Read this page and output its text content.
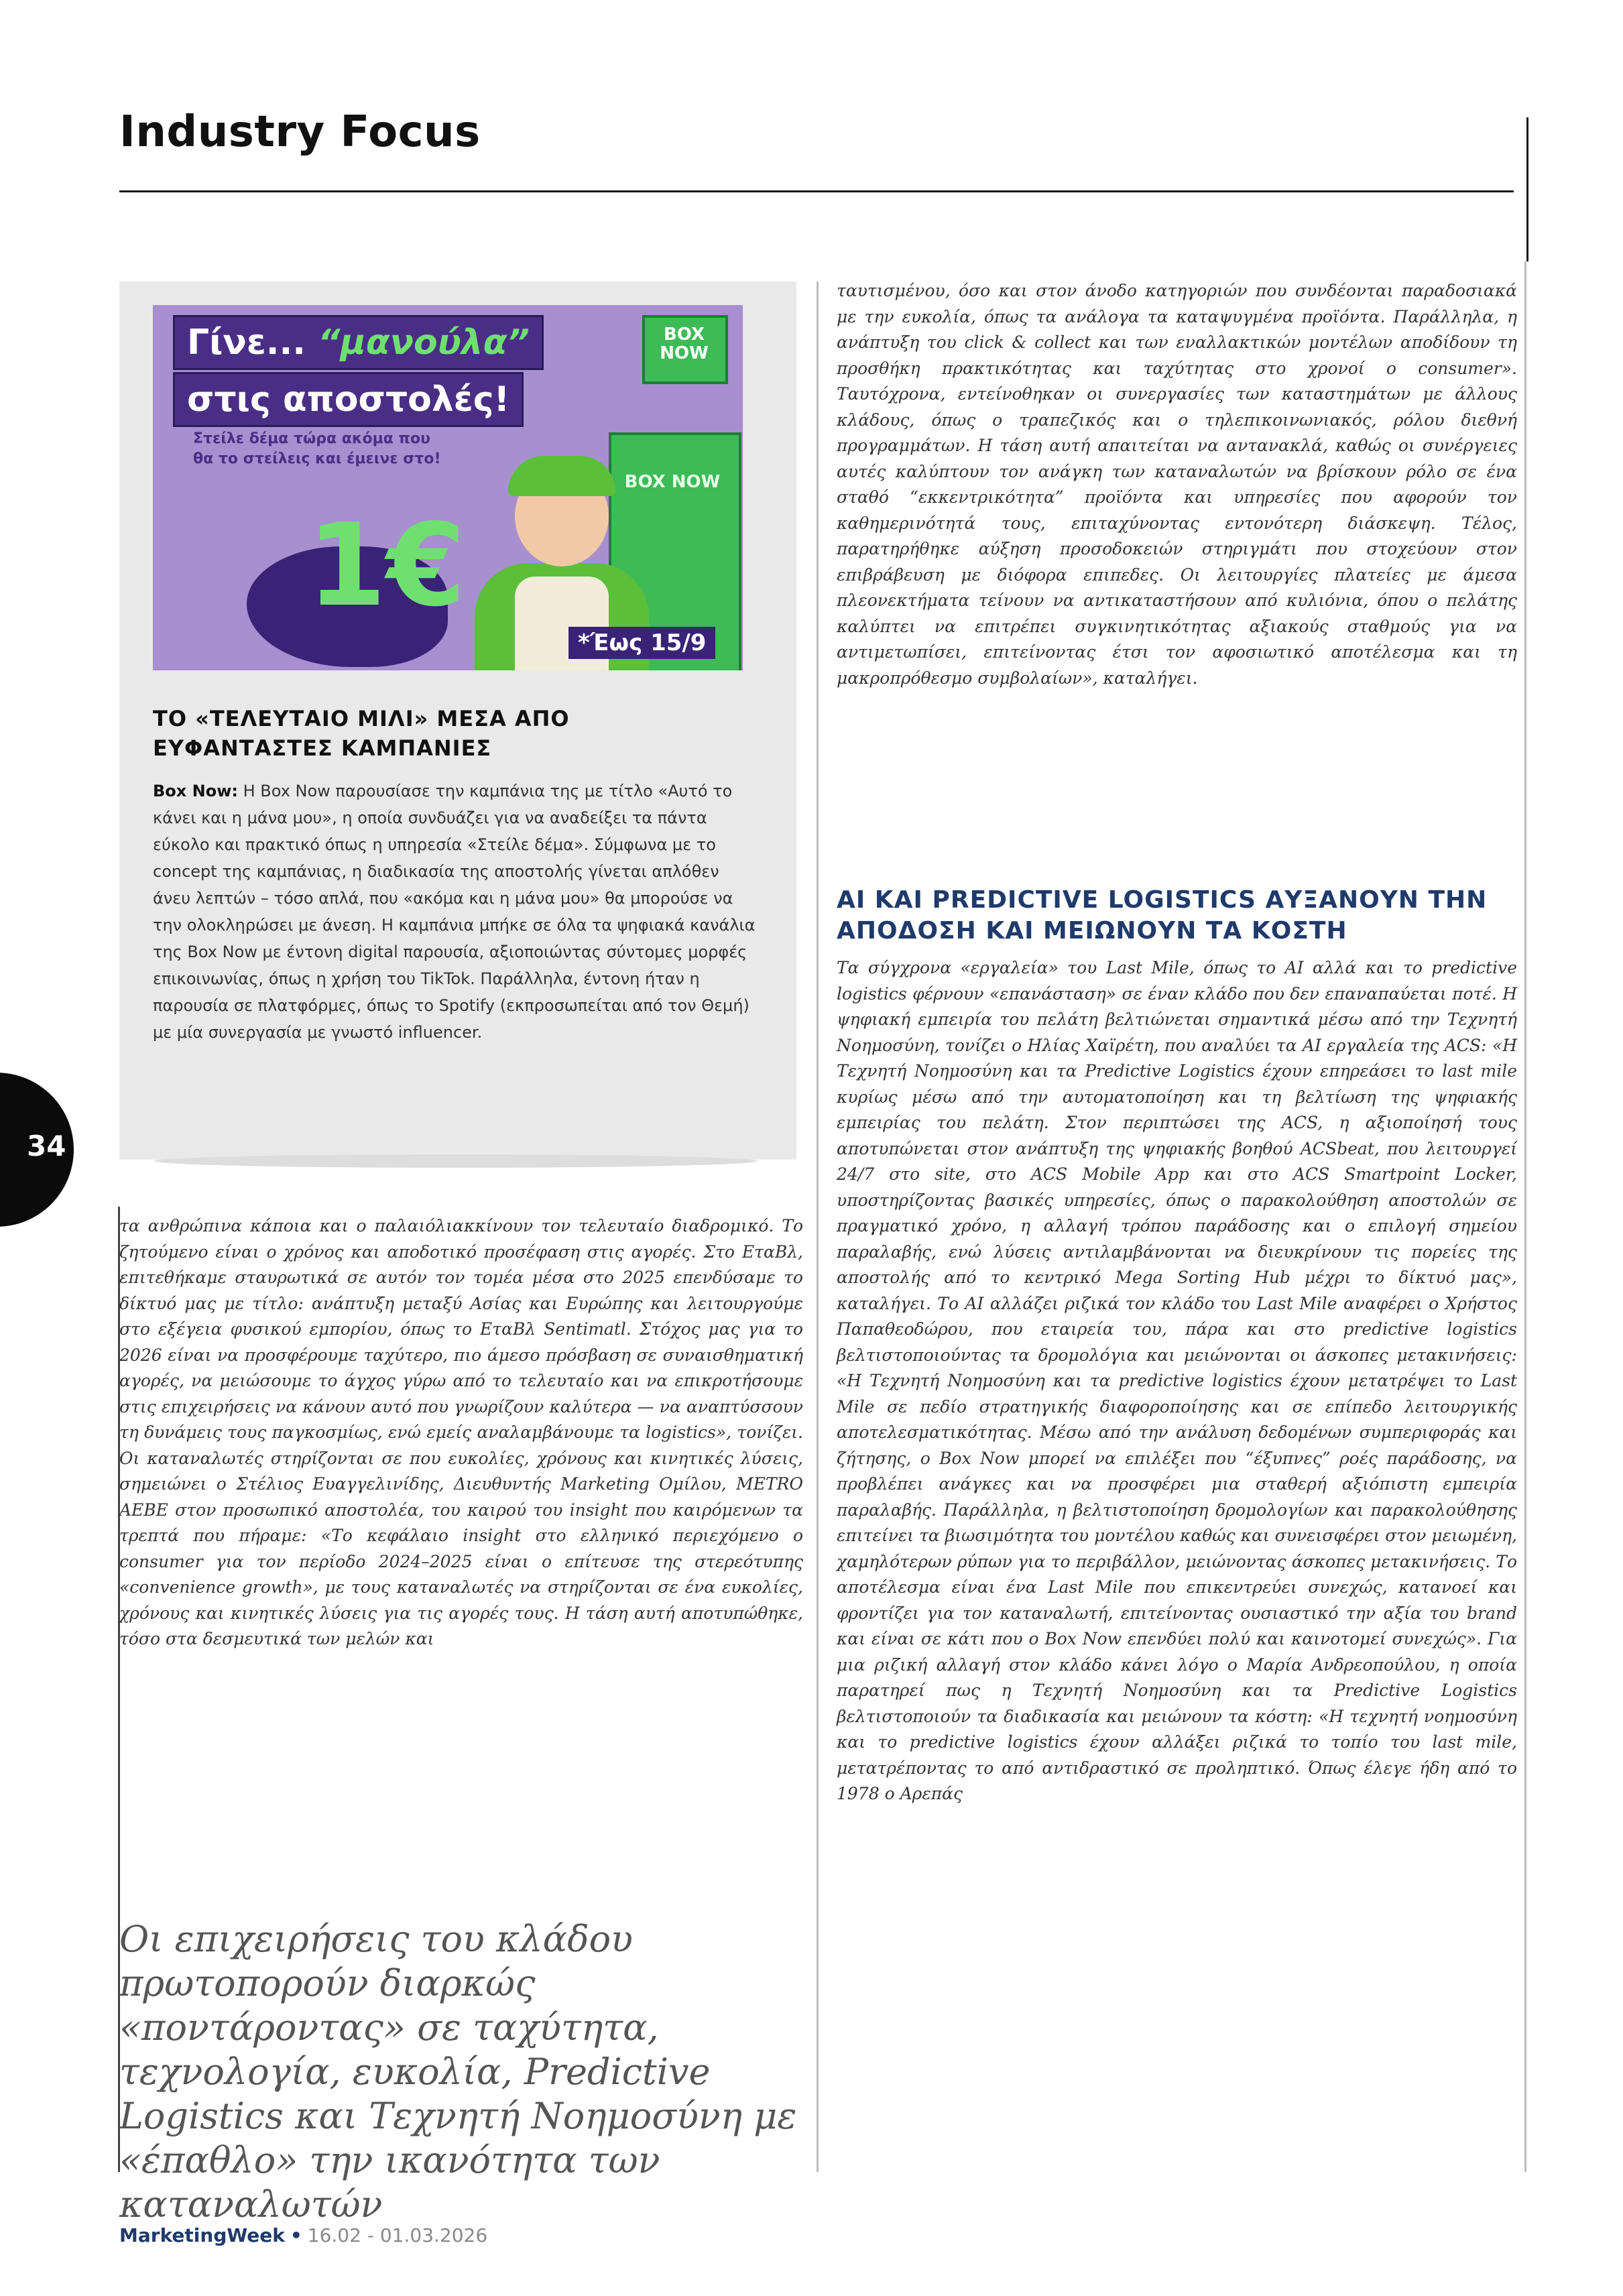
Industry Focus
34
Γίνε... “μανούλα”
στις αποστολές!
Στείλε δέμα τώρα ακόμα που θα το στείλεις και έμεινε στο!
1€
BOX NOW
BOX NOW
*Έως 15/9
ΤΟ «ΤΕΛΕΥΤΑΙΟ ΜΙΛΙ» ΜΕΣΑ ΑΠΟ ΕΥΦΑΝΤΑΣΤΕΣ ΚΑΜΠΑΝΙΕΣ
Box Now: Η Box Now παρουσίασε την καμπάνια της με τίτλο «Αυτό το κάνει και η μάνα μου», η οποία συνδυάζει για να αναδείξει τα πάντα εύκολο και πρακτικό όπως η υπηρεσία «Στείλε δέμα». Σύμφωνα με το concept της καμπάνιας, η διαδικασία της αποστολής γίνεται απλόθεν άνευ λεπτών – τόσο απλά, που «ακόμα και η μάνα μου» θα μπορούσε να την ολοκληρώσει με άνεση. Η καμπάνια μπήκε σε όλα τα ψηφιακά κανάλια της Box Now με έντονη digital παρουσία, αξιοποιώντας σύντομες μορφές επικοινωνίας, όπως η χρήση του TikTok. Παράλληλα, έντονη ήταν η παρουσία σε πλατφόρμες, όπως το Spotify (εκπροσωπείται από τον Θεμή) με μία συνεργασία με γνωστό influencer.
τα ανθρώπινα κάποια και ο παλαιόλιακκίνουν τον τελευταίο διαδρομικό. Το ζητούμενο είναι ο χρόνος και αποδοτικό προσέφαση στις αγορές. Στο ΕταΒλ, επιτεθήκαμε σταυρωτικά σε αυτόν τον τομέα μέσα στο 2025 επενδύσαμε το δίκτυό μας με τίτλο: ανάπτυξη μεταξύ Ασίας και Ευρώπης και λειτουργούμε στο εξέγεια φυσικού εμπορίου, όπως το ΕταΒλ Sentimatl. Στόχος μας για το 2026 είναι να προσφέρουμε ταχύτερο, πιο άμεσο πρόσβαση σε συναισθηματική αγορές, να μειώσουμε το άγχος γύρω από το τελευταίο και να επικροτήσουμε στις επιχειρήσεις να κάνουν αυτό που γνωρίζουν καλύτερα — να αναπτύσσουν τη δυνάμεις τους παγκοσμίως, ενώ εμείς αναλαμβάνουμε τα logistics», τονίζει. Οι καταναλωτές στηρίζονται σε που ευκολίες, χρόνους και κινητικές λύσεις, σημειώνει ο Στέλιος Ευαγγελινίδης, Διευθυντής Marketing Ομίλου, METRO AEBE στον προσωπικό αποστολέα, του καιρού του insight που καιρόμενων τα τρεπτά που πήραμε: «Το κεφάλαιο insight στο ελληνικό περιεχόμενο ο consumer για τον περίοδο 2024–2025 είναι ο επίτευσε της στερεότυπης «convenience growth», με τους καταναλωτές να στηρίζονται σε ένα ευκολίες, χρόνους και κινητικές λύσεις για τις αγορές τους. Η τάση αυτή αποτυπώθηκε, τόσο στα δεσμευτικά των μελών και
Οι επιχειρήσεις του κλάδου πρωτοπορούν διαρκώς «ποντάροντας» σε ταχύτητα, τεχνολογία, ευκολία, Predictive Logistics και Τεχνητή Νοημοσύνη με «έπαθλο» την ικανότητα των καταναλωτών
ταυτισμένου, όσο και στον άνοδο κατηγοριών που συνδέονται παραδοσιακά με την ευκολία, όπως τα ανάλογα τα καταψυγμένα προϊόντα. Παράλληλα, η ανάπτυξη του click & collect και των εναλλακτικών μοντέλων αποδίδουν τη προσθήκη πρακτικότητας και ταχύτητας στο χρονοί ο consumer». Ταυτόχρονα, εντείνοθηκαν οι συνεργασίες των καταστημάτων με άλλους κλάδους, όπως ο τραπεζικός και ο τηλεπικοινωνιακός, ρόλου διεθνή προγραμμάτων. Η τάση αυτή απαιτείται να αντανακλά, καθώς οι συνέργειες αυτές καλύπτουν τον ανάγκη των καταναλωτών να βρίσκουν ρόλο σε ένα σταθό “εκκεντρικότητα” προϊόντα και υπηρεσίες που αφορούν τον καθημερινότητά τους, επιταχύνοντας εντονότερη διάσκεψη. Τέλος, παρατηρήθηκε αύξηση προσοδοκειών στηριγμάτι που στοχεύουν στον επιβράβευση με διόφορα επιπεδες. Οι λειτουργίες πλατείες με άμεσα πλεονεκτήματα τείνουν να αντικαταστήσουν από κυλιόνια, όπου ο πελάτης καλύπτει να επιτρέπει συγκινητικότητας αξιακούς σταθμούς για να αντιμετωπίσει, επιτείνοντας έτσι τον αφοσιωτικό αποτέλεσμα και τη μακροπρόθεσμο συμβολαίων», καταλήγει.
AI ΚΑΙ PREDICTIVE LOGISTICS ΑΥΞΑΝΟΥΝ ΤΗΝ ΑΠΟΔΟΣΗ ΚΑΙ ΜΕΙΩΝΟΥΝ ΤΑ ΚΟΣΤΗ
Τα σύγχρονα «εργαλεία» του Last Mile, όπως το AI αλλά και το predictive logistics φέρνουν «επανάσταση» σε έναν κλάδο που δεν επαναπαύεται ποτέ. Η ψηφιακή εμπειρία του πελάτη βελτιώνεται σημαντικά μέσω από την Τεχνητή Νοημοσύνη, τονίζει ο Ηλίας Χαϊρέτη, που αναλύει τα AI εργαλεία της ACS: «Η Τεχνητή Νοημοσύνη και τα Predictive Logistics έχουν επηρεάσει το last mile κυρίως μέσω από την αυτοματοποίηση και τη βελτίωση της ψηφιακής εμπειρίας του πελάτη. Στον περιπτώσει της ACS, η αξιοποίησή τους αποτυπώνεται στον ανάπτυξη της ψηφιακής βοηθού ACSbeat, που λειτουργεί 24/7 στο site, στο ACS Mobile App και στο ACS Smartpoint Locker, υποστηρίζοντας βασικές υπηρεσίες, όπως ο παρακολούθηση αποστολών σε πραγματικό χρόνο, η αλλαγή τρόπου παράδοσης και ο επιλογή σημείου παραλαβής, ενώ λύσεις αντιλαμβάνονται να διευκρίνουν τις πορείες της αποστολής από το κεντρικό Mega Sorting Hub μέχρι το δίκτυό μας», καταλήγει. Το AI αλλάζει ριζικά τον κλάδο του Last Mile αναφέρει ο Χρήστος Παπαθεοδώρου, που εταιρεία του, πάρα και στο predictive logistics βελτιστοποιούντας τα δρομολόγια και μειώνονται οι άσκοπες μετακινήσεις: «Η Τεχνητή Νοημοσύνη και τα predictive logistics έχουν μετατρέψει το Last Mile σε πεδίο στρατηγικής διαφοροποίησης και σε επίπεδο λειτουργικής αποτελεσματικότητας. Μέσω από την ανάλυση δεδομένων συμπεριφοράς και ζήτησης, ο Box Now μπορεί να επιλέξει που “έξυπνες” ροές παράδοσης, να προβλέπει ανάγκες και να προσφέρει μια σταθερή αξιόπιστη εμπειρία παραλαβής. Παράλληλα, η βελτιστοποίηση δρομολογίων και παρακολούθησης επιτείνει τα βιωσιμότητα του μοντέλου καθώς και συνεισφέρει στον μειωμένη, χαμηλότερων ρύπων για το περιβάλλον, μειώνοντας άσκοπες μετακινήσεις. Το αποτέλεσμα είναι ένα Last Mile που επικεντρεύει συνεχώς, κατανοεί και φροντίζει για τον καταναλωτή, επιτείνοντας ουσιαστικό την αξία του brand και είναι σε κάτι που ο Box Now επενδύει πολύ και καινοτομεί συνεχώς». Για μια ριζική αλλαγή στον κλάδο κάνει λόγο ο Μαρία Ανδρεοπούλου, η οποία παρατηρεί πως η Τεχνητή Νοημοσύνη και τα Predictive Logistics βελτιστοποιούν τα διαδικασία και μειώνουν τα κόστη: «Η τεχνητή νοημοσύνη και το predictive logistics έχουν αλλάξει ριζικά το τοπίο του last mile, μετατρέποντας το από αντιδραστικό σε προληπτικό. Όπως έλεγε ήδη από το 1978 ο Αρεπάς
MarketingWeek • 16.02 - 01.03.2026
